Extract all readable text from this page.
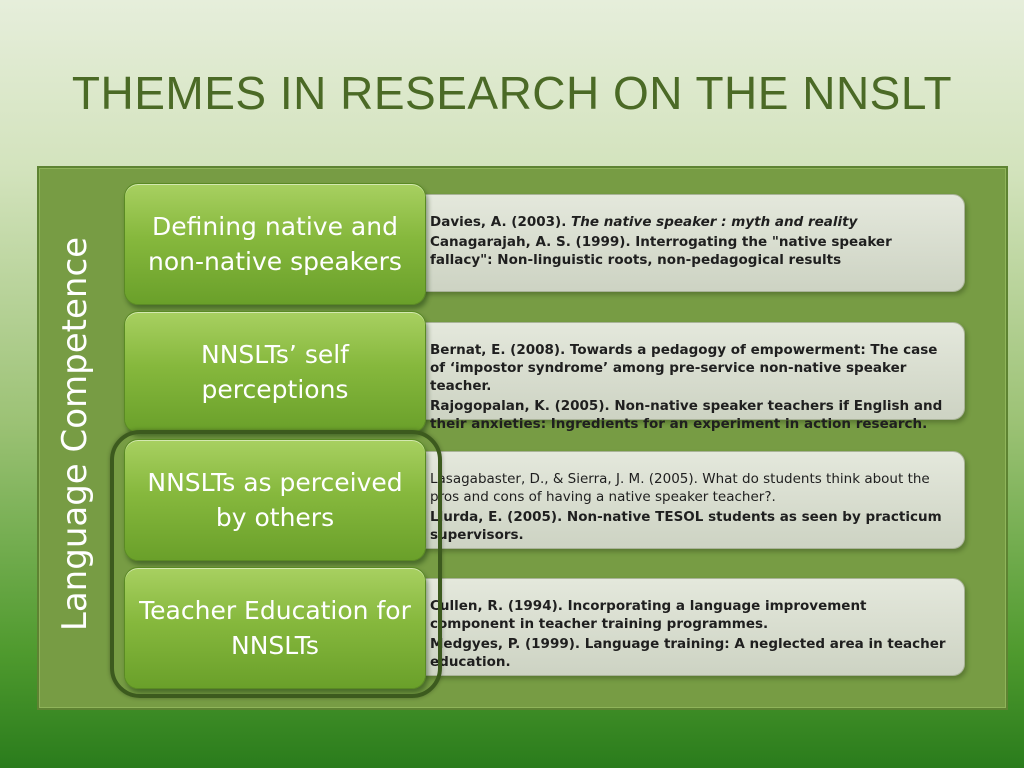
THEMES IN RESEARCH ON THE NNSLT
Language Competence
• Davies, A. (2003). The native speaker : myth and reality
• Canagarajah, A. S. (1999). Interrogating the "native speaker fallacy": Non-linguistic roots, non-pedagogical results
Defining native and non-native speakers
• Bernat, E. (2008). Towards a pedagogy of empowerment: The case of ‘impostor syndrome’ among pre-service non-native speaker teacher.
• Rajogopalan, K. (2005). Non-native speaker teachers if English and their anxieties: Ingredients for an experiment in action research.
NNSLTs’ self perceptions
• Lasagabaster, D., & Sierra, J. M. (2005). What do students think about the pros and cons of having a native speaker teacher?.
• Llurda, E. (2005). Non-native TESOL students as seen by practicum supervisors.
NNSLTs as perceived by others
• Cullen, R. (1994). Incorporating a language improvement component in teacher training programmes.
• Medgyes, P. (1999). Language training: A neglected area in teacher education.
Teacher Education for NNSLTs
